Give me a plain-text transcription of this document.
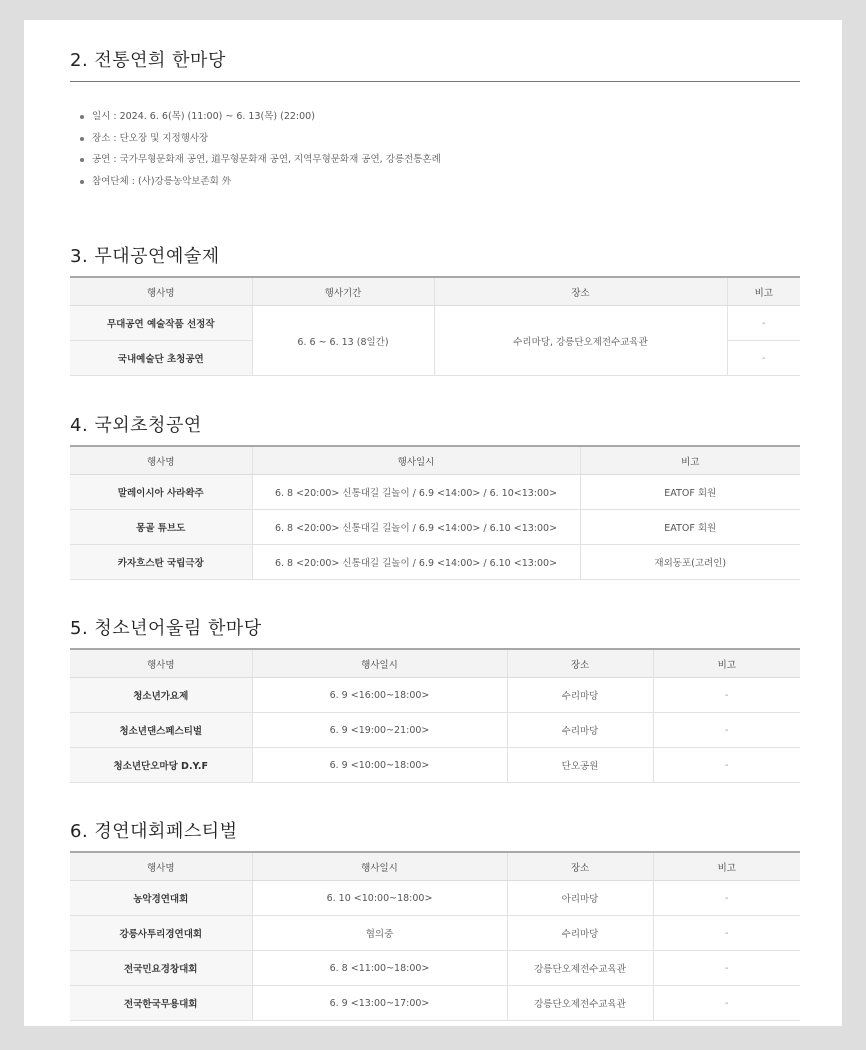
2. 전통연희 한마당
일시 : 2024. 6. 6(목) (11:00) ~ 6. 13(목) (22:00)
장소 : 단오장 및 지정행사장
공연 : 국가무형문화재 공연, 道무형문화재 공연, 지역무형문화재 공연, 강릉전통혼례
참여단체 : (사)강릉농악보존회 外
3. 무대공연예술제
행사명	행사기간	장소	비고
무대공연 예술작품 선정작	6. 6 ~ 6. 13 (8일간)	수리마당, 강릉단오제전수교육관	-
국내예술단 초청공연			-
4. 국외초청공연
행사명	행사일시	비고
말레이시아 사라왁주	6. 8 <20:00> 신통대길 길놀이 / 6.9 <14:00> / 6. 10<13:00>	EATOF 회원
몽골 튜브도	6. 8 <20:00> 신통대길 길놀이 / 6.9 <14:00> / 6.10 <13:00>	EATOF 회원
카자흐스탄 국립극장	6. 8 <20:00> 신통대길 길놀이 / 6.9 <14:00> / 6.10 <13:00>	재외동포(고려인)
5. 청소년어울림 한마당
행사명	행사일시	장소	비고
청소년가요제	6. 9 <16:00~18:00>	수리마당	-
청소년댄스페스티벌	6. 9 <19:00~21:00>	수리마당	-
청소년단오마당 D.Y.F	6. 9 <10:00~18:00>	단오공원	-
6. 경연대회페스티벌
행사명	행사일시	장소	비고
농악경연대회	6. 10 <10:00~18:00>	아리마당	-
강릉사투리경연대회	협의중	수리마당	-
전국민요경창대회	6. 8 <11:00~18:00>	강릉단오제전수교육관	-
전국한국무용대회	6. 9 <13:00~17:00>	강릉단오제전수교육관	-
